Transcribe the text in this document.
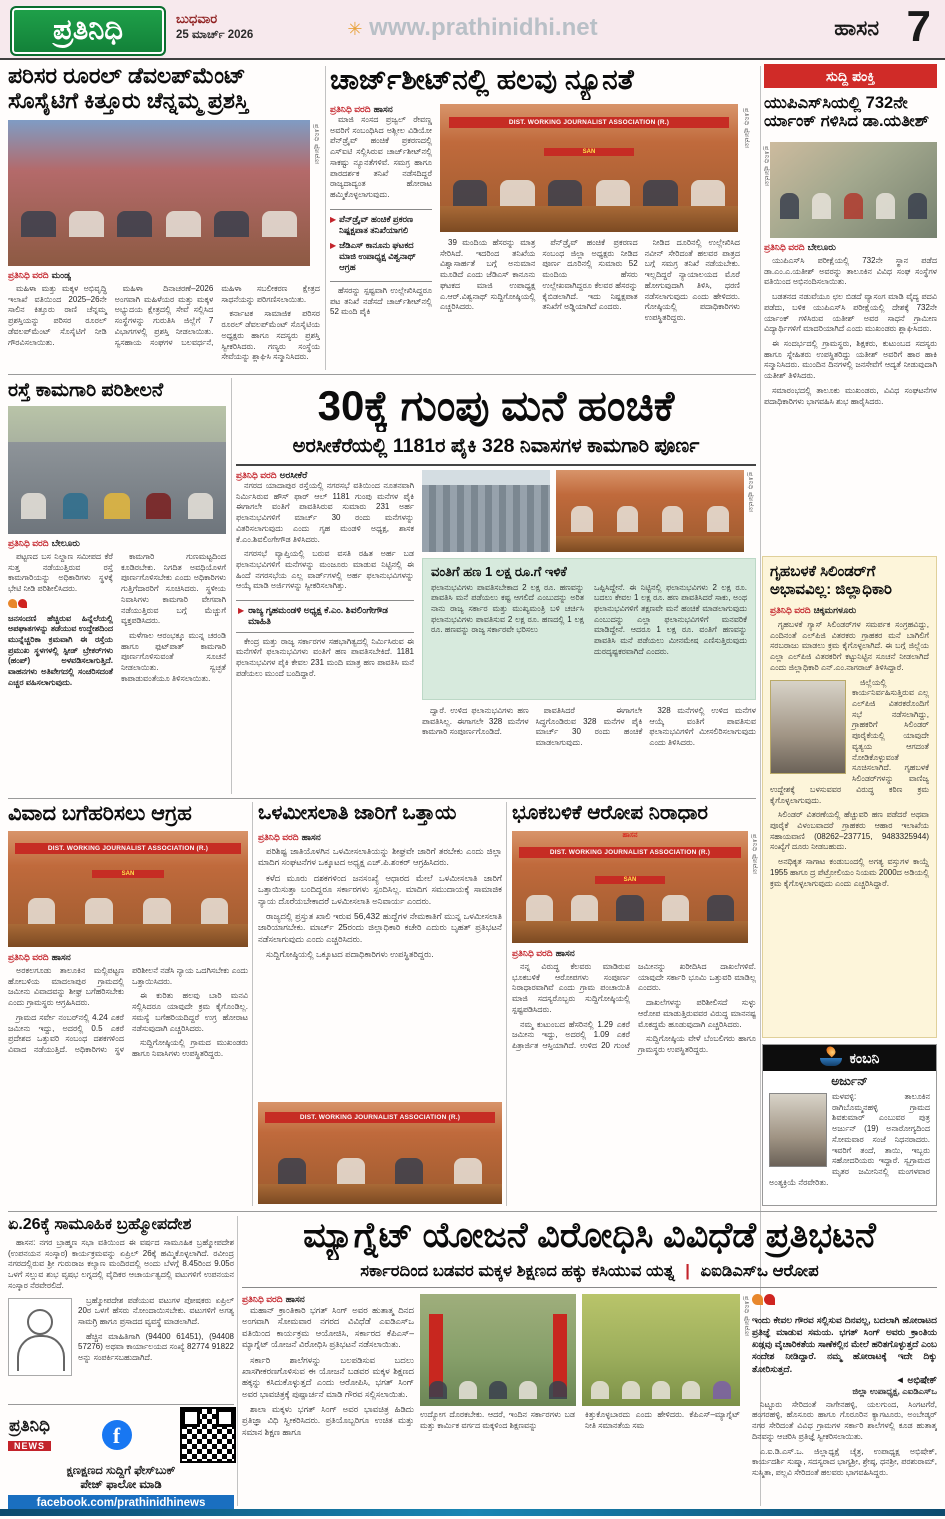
ಪ್ರತಿನಿಧಿ	ಬುಧವಾರ
25 ಮಾರ್ಚ್ 2026	✳ www.prathinidhi.net	ಹಾಸನ 7
ಪರಿಸರ ರೂರಲ್ ಡೆವಲಪ್‌ಮೆಂಟ್ ಸೊಸೈಟಿಗೆ ಕಿತ್ತೂರು ಚೆನ್ನಮ್ಮ ಪ್ರಶಸ್ತಿ
ಪ್ರತಿನಿಧಿ ಫೋಟೋ
ಪ್ರತಿನಿಧಿ ವರದಿ ಮಂಡ್ಯ

ಮಹಿಳಾ ಮತ್ತು ಮಕ್ಕಳ ಅಭಿವೃದ್ಧಿ ಇಲಾಖೆ ವತಿಯಿಂದ 2025–26ನೇ ಸಾಲಿನ ಕಿತ್ತೂರು ರಾಣಿ ಚೆನ್ನಮ್ಮ ಪ್ರಶಸ್ತಿಯನ್ನು ಪರಿಸರ ರೂರಲ್ ಡೆವಲಪ್‌ಮೆಂಟ್ ಸೊಸೈಟಿಗೆ ನೀಡಿ ಗೌರವಿಸಲಾಯಿತು.

ಮಹಿಳಾ ದಿನಾಚರಣೆ–2026 ಅಂಗವಾಗಿ ಮಹಿಳೆಯರ ಮತ್ತು ಮಕ್ಕಳ ಅಭ್ಯುದಯ ಕ್ಷೇತ್ರದಲ್ಲಿ ಸೇವೆ ಸಲ್ಲಿಸಿದ ಸಂಸ್ಥೆಗಳನ್ನು ಗುರುತಿಸಿ ಜಿಲ್ಲೆಗೆ 7 ವಿಭಾಗಗಳಲ್ಲಿ ಪ್ರಶಸ್ತಿ ನೀಡಲಾಯಿತು. ಸ್ವಸಹಾಯ ಸಂಘಗಳ ಬಲವರ್ಧನೆ, ಮಹಿಳಾ ಸಬಲೀಕರಣ ಕ್ಷೇತ್ರದ ಸಾಧನೆಯನ್ನು ಪರಿಗಣಿಸಲಾಯಿತು.

ಕರ್ನಾಟಕ ಸಾಮಾಜಿಕ ಪರಿಸರ ರೂರಲ್ ಡೆವಲಪ್‌ಮೆಂಟ್ ಸೊಸೈಟಿಯ ಅಧ್ಯಕ್ಷರು ಹಾಗೂ ಸದಸ್ಯರು ಪ್ರಶಸ್ತಿ ಸ್ವೀಕರಿಸಿದರು. ಗಣ್ಯರು ಸಂಸ್ಥೆಯ ಸೇವೆಯನ್ನು ಶ್ಲಾಘಿಸಿ ಸನ್ಮಾನಿಸಿದರು.

ಚಾರ್ಜ್‌ಶೀಟ್‌ನಲ್ಲಿ ಹಲವು ನ್ಯೂನತೆ
ಪ್ರತಿನಿಧಿ ವರದಿ ಹಾಸನ

ಮಾಜಿ ಸಂಸದ ಪ್ರಜ್ವಲ್ ರೇವಣ್ಣ ಅವರಿಗೆ ಸಂಬಂಧಿಸಿದ ಅಶ್ಲೀಲ ವಿಡಿಯೋ ಪೆನ್‌ಡ್ರೈವ್ ಹಂಚಿಕೆ ಪ್ರಕರಣದಲ್ಲಿ ಎಸ್‌ಐಟಿ ಸಲ್ಲಿಸಿರುವ ಚಾರ್ಜ್‌ಶೀಟ್‌ನಲ್ಲಿ ಸಾಕಷ್ಟು ನ್ಯೂನತೆಗಳಿವೆ. ಸಮಗ್ರ ಹಾಗೂ ಪಾರದರ್ಶಕ ತನಿಖೆ ನಡೆಸದಿದ್ದರೆ ರಾಜ್ಯದಾದ್ಯಂತ ಹೋರಾಟ ಹಮ್ಮಿಕೊಳ್ಳಲಾಗುವುದು.

▶ ಪೆನ್‌ಡ್ರೈವ್ ಹಂಚಿಕೆ ಪ್ರಕರಣ ನಿಷ್ಪಕ್ಷಪಾತ ತನಿಖೆಯಾಗಲಿ
▶ ಜೆಡಿಎಸ್ ಕಾನೂನು ಘಟಕದ ಮಾಜಿ ಉಪಾಧ್ಯಕ್ಷ ವಿಶ್ವನಾಥ್ ಆಗ್ರಹ

ಹೆಸರನ್ನು ಸ್ಪಷ್ಟವಾಗಿ ಉಲ್ಲೇಖಿಸಿದ್ದರೂ ಪಟ ತನಿಖೆ ನಡೆಸದೆ ಚಾರ್ಜ್‌ಶೀಟ್‌ನಲ್ಲಿ 52 ಮಂದಿ ಪೈಕಿ

DIST. WORKING JOURNALIST ASSOCIATION (R.)
SAN
ಪ್ರತಿನಿಧಿ ಫೋಟೋ

39 ಮಂದಿಯ ಹೆಸರನ್ನು ಮಾತ್ರ ಸೇರಿಸಿದೆ. ಇದರಿಂದ ತನಿಖೆಯ ವಿಶ್ವಾಸಾರ್ಹತೆ ಬಗ್ಗೆ ಅನುಮಾನ ಮೂಡಿದೆ ಎಂದು ಜೆಡಿಎಸ್ ಕಾನೂನು ಘಟಕದ ಮಾಜಿ ಉಪಾಧ್ಯಕ್ಷ ಎ.ಆರ್.ವಿಶ್ವನಾಥ್ ಸುದ್ದಿಗೋಷ್ಠಿಯಲ್ಲಿ ಎಚ್ಚರಿಸಿದರು.

ಪೆನ್‌ಡ್ರೈವ್ ಹಂಚಿಕೆ ಪ್ರಕರಣದ ಸಂಬಂಧ ಜಿಲ್ಲಾ ಅಧ್ಯಕ್ಷರು ನೀಡಿದ ಪೂರ್ಣ ದೂರಿನಲ್ಲಿ ಸುಮಾರು 52 ಮಂದಿಯ ಹೆಸರು ಉಲ್ಲೇಖವಾಗಿದ್ದರೂ ಕೆಲವರ ಹೆಸರನ್ನು ಕೈಬಿಡಲಾಗಿದೆ. ಇದು ನಿಷ್ಪಕ್ಷಪಾತ ತನಿಖೆಗೆ ಅಡ್ಡಿಯಾಗಿದೆ ಎಂದರು.

ನೀಡಿದ ದೂರಿನಲ್ಲಿ ಉಲ್ಲೇಖಿಸಿದ ನವೀನ್ ಸೇರಿದಂತೆ ಹಲವರ ಪಾತ್ರದ ಬಗ್ಗೆ ಸಮಗ್ರ ತನಿಖೆ ನಡೆಯಬೇಕು. ಇಲ್ಲದಿದ್ದರೆ ನ್ಯಾಯಾಲಯದ ಮೊರೆ ಹೋಗುವುದಾಗಿ ತಿಳಿಸಿ, ಧರಣಿ ನಡೆಸಲಾಗುವುದು ಎಂದು ಹೇಳಿದರು. ಗೋಷ್ಠಿಯಲ್ಲಿ ಪದಾಧಿಕಾರಿಗಳು ಉಪಸ್ಥಿತರಿದ್ದರು.

ಸುದ್ದಿ ಪಂಕ್ತಿ
ಯುಪಿಎಸ್‌ಸಿಯಲ್ಲಿ 732ನೇ ರ್ಯಾಂಕ್ ಗಳಿಸಿದ ಡಾ.ಯತೀಶ್
ಪ್ರತಿನಿಧಿ ಫೋಟೋ
ಪ್ರತಿನಿಧಿ ವರದಿ ಬೇಲೂರು

ಯುಪಿಎಸ್‌ಸಿ ಪರೀಕ್ಷೆಯಲ್ಲಿ 732ನೇ ಸ್ಥಾನ ಪಡೆದ ಡಾ.ಎಂ.ಎ.ಯತೀಶ್ ಅವರನ್ನು ತಾಲೂಕಿನ ವಿವಿಧ ಸಂಘ ಸಂಸ್ಥೆಗಳ ವತಿಯಿಂದ ಅಭಿನಂದಿಸಲಾಯಿತು.

ಬಡತನದ ನಡುವೆಯೂ ಛಲ ಬಿಡದೆ ವ್ಯಾಸಂಗ ಮಾಡಿ ವೈದ್ಯ ಪದವಿ ಪಡೆದು, ಬಳಿಕ ಯುಪಿಎಸ್‌ಸಿ ಪರೀಕ್ಷೆಯಲ್ಲಿ ದೇಶಕ್ಕೆ 732ನೇ ರ್ಯಾಂಕ್ ಗಳಿಸಿರುವ ಯತೀಶ್ ಅವರ ಸಾಧನೆ ಗ್ರಾಮೀಣ ವಿದ್ಯಾರ್ಥಿಗಳಿಗೆ ಮಾದರಿಯಾಗಿದೆ ಎಂದು ಮುಖಂಡರು ಶ್ಲಾಘಿಸಿದರು.

ಈ ಸಂದರ್ಭದಲ್ಲಿ ಗ್ರಾಮಸ್ಥರು, ಶಿಕ್ಷಕರು, ಕುಟುಂಬದ ಸದಸ್ಯರು ಹಾಗೂ ಸ್ನೇಹಿತರು ಉಪಸ್ಥಿತರಿದ್ದು ಯತೀಶ್ ಅವರಿಗೆ ಹಾರ ಹಾಕಿ ಸನ್ಮಾನಿಸಿದರು. ಮುಂದಿನ ದಿನಗಳಲ್ಲಿ ಜನಸೇವೆಗೆ ಆದ್ಯತೆ ನೀಡುವುದಾಗಿ ಯತೀಶ್ ತಿಳಿಸಿದರು.

ಸಮಾರಂಭದಲ್ಲಿ ತಾಲೂಕು ಮುಖಂಡರು, ವಿವಿಧ ಸಂಘಟನೆಗಳ ಪದಾಧಿಕಾರಿಗಳು ಭಾಗವಹಿಸಿ ಶುಭ ಹಾರೈಸಿದರು.

ಗೃಹಬಳಕೆ ಸಿಲಿಂಡರ್‌ಗೆ ಅಭಾವವಿಲ್ಲ: ಜಿಲ್ಲಾಧಿಕಾರಿ
ಪ್ರತಿನಿಧಿ ವರದಿ ಚಿಕ್ಕಮಗಳೂರು

ಗೃಹಬಳಕೆ ಗ್ಯಾಸ್ ಸಿಲಿಂಡರ್‌ಗಳ ಸಮರ್ಪಕ ಸಂಗ್ರಹವಿದ್ದು, ಎಂದಿನಂತೆ ಎಲ್‌ಪಿಜಿ ವಿತರಕರು ಗ್ರಾಹಕರ ಮನೆ ಬಾಗಿಲಿಗೆ ಸರಬರಾಜು ಮಾಡಲು ಕ್ರಮ ಕೈಗೊಳ್ಳಲಾಗಿದೆ. ಈ ಬಗ್ಗೆ ಜಿಲ್ಲೆಯ ಎಲ್ಲಾ ಎಲ್‌ಪಿಜಿ ವಿತರಕರಿಗೆ ಕಟ್ಟುನಿಟ್ಟಿನ ಸೂಚನೆ ನೀಡಲಾಗಿದೆ ಎಂದು ಜಿಲ್ಲಾಧಿಕಾರಿ ಎನ್.ಎಂ.ನಾಗರಾಜ್ ತಿಳಿಸಿದ್ದಾರೆ.

ಜಿಲ್ಲೆಯಲ್ಲಿ ಕಾರ್ಯನಿರ್ವಹಿಸುತ್ತಿರುವ ಎಲ್ಲ ಎಲ್‌ಪಿಜಿ ವಿತರಕರೊಂದಿಗೆ ಸಭೆ ನಡೆಸಲಾಗಿದ್ದು, ಗ್ರಾಹಕರಿಗೆ ಸಿಲಿಂಡರ್ ಪೂರೈಕೆಯಲ್ಲಿ ಯಾವುದೇ ವ್ಯತ್ಯಯ ಆಗದಂತೆ ನೋಡಿಕೊಳ್ಳುವಂತೆ ಸೂಚಿಸಲಾಗಿದೆ. ಗೃಹಬಳಕೆ ಸಿಲಿಂಡರ್‌ಗಳನ್ನು ವಾಣಿಜ್ಯ ಉದ್ದೇಶಕ್ಕೆ ಬಳಸುವವರ ವಿರುದ್ಧ ಕಠಿಣ ಕ್ರಮ ಕೈಗೊಳ್ಳಲಾಗುವುದು.

ಸಿಲಿಂಡರ್ ವಿತರಣೆಯಲ್ಲಿ ಹೆಚ್ಚುವರಿ ಹಣ ಪಡೆದರೆ ಅಥವಾ ಪೂರೈಕೆ ವಿಳಂಬವಾದರೆ ಗ್ರಾಹಕರು ಆಹಾರ ಇಲಾಖೆಯ ಸಹಾಯವಾಣಿ (08262–237715, 9483325944) ಸಂಖ್ಯೆಗೆ ದೂರು ನೀಡಬಹುದು.

ಅನಧಿಕೃತ ಸಾಗಾಟ ಕಂಡುಬಂದಲ್ಲಿ ಅಗತ್ಯ ವಸ್ತುಗಳ ಕಾಯ್ದೆ 1955 ಹಾಗೂ ದ್ರ ಪೆಟ್ರೋಲಿಯಂ ನಿಯಮ 2000ದ ಅಡಿಯಲ್ಲಿ ಕ್ರಮ ಕೈಗೊಳ್ಳಲಾಗುವುದು ಎಂದು ಎಚ್ಚರಿಸಿದ್ದಾರೆ.

ಕಂಬನಿ
ಅರ್ಜುನ್

ಮಳವಳ್ಳಿ: ತಾಲೂಕಿನ ರಾಗಿಬೊಮ್ಮನಹಳ್ಳಿ ಗ್ರಾಮದ ಶಿವಕುಮಾರ್ ಎಂಬುವರ ಪುತ್ರ ಅರ್ಜುನ್ (19) ಅನಾರೋಗ್ಯದಿಂದ ಸೋಮವಾರ ಸಂಜೆ ನಿಧನರಾದರು. ಇವರಿಗೆ ತಂದೆ, ತಾಯಿ, ಇಬ್ಬರು ಸಹೋದರಿಯರು ಇದ್ದಾರೆ. ಸ್ವಗ್ರಾಮದ ಮೃತರ ಜಮೀನಿನಲ್ಲಿ ಮಂಗಳವಾರ ಅಂತ್ಯಕ್ರಿಯೆ ನೆರವೇರಿತು.

ರಸ್ತೆ ಕಾಮಗಾರಿ ಪರಿಶೀಲನೆ
ಪ್ರತಿನಿಧಿ ವರದಿ ಬೇಲೂರು

ಪಟ್ಟಣದ ಬಸ ನಿಲ್ದಾಣ ಸಮೀಪದ ಕೆರೆ ಸುತ್ತ ನಡೆಯುತ್ತಿರುವ ರಸ್ತೆ ಕಾಮಗಾರಿಯನ್ನು ಅಧಿಕಾರಿಗಳು ಸ್ಥಳಕ್ಕೆ ಭೇಟಿ ನೀಡಿ ಪರಿಶೀಲಿಸಿದರು.

ಜನಸಂದಣಿ ಹೆಚ್ಚಿರುವ ಹಿನ್ನೆಲೆಯಲ್ಲಿ ಅಪಘಾತಗಳನ್ನು ತಡೆಯುವ ಉದ್ದೇಶದಿಂದ ಮುನ್ನೆಚ್ಚರಿಕಾ ಕ್ರಮವಾಗಿ ಈ ರಸ್ತೆಯ ಪ್ರಮುಖ ಸ್ಥಳಗಳಲ್ಲಿ ಸ್ಪೀಡ್ ಬ್ರೇಕರ್‌ಗಳು (ಹಂಪ್) ಅಳವಡಿಸಲಾಗುತ್ತಿದೆ. ವಾಹನಗಳು ಅತಿವೇಗದಲ್ಲಿ ಸಂಚರಿಸದಂತೆ ಎಚ್ಚರ ವಹಿಸಲಾಗುವುದು.

ಕಾಮಗಾರಿ ಗುಣಮಟ್ಟದಿಂದ ಕೂಡಿರಬೇಕು. ನಿಗದಿತ ಅವಧಿಯೊಳಗೆ ಪೂರ್ಣಗೊಳಿಸಬೇಕು ಎಂದು ಅಧಿಕಾರಿಗಳು ಗುತ್ತಿಗೆದಾರರಿಗೆ ಸೂಚಿಸಿದರು. ಸ್ಥಳೀಯ ನಿವಾಸಿಗಳು ಕಾಮಗಾರಿ ವೇಗವಾಗಿ ನಡೆಯುತ್ತಿರುವ ಬಗ್ಗೆ ಮೆಚ್ಚುಗೆ ವ್ಯಕ್ತಪಡಿಸಿದರು.

ಮಳೆಗಾಲ ಆರಂಭಕ್ಕೂ ಮುನ್ನ ಚರಂಡಿ ಹಾಗೂ ಫುಟ್‌ಪಾತ್ ಕಾಮಗಾರಿ ಪೂರ್ಣಗೊಳಿಸುವಂತೆ ಸೂಚನೆ ನೀಡಲಾಯಿತು. ಸ್ವಚ್ಛತೆ ಕಾಪಾಡುವಂತೆಯೂ ತಿಳಿಸಲಾಯಿತು.

30ಕ್ಕೆ ಗುಂಪು ಮನೆ ಹಂಚಿಕೆ
ಅರಸೀಕೆರೆಯಲ್ಲಿ 1181ರ ಪೈಕಿ 328 ನಿವಾಸಗಳ ಕಾಮಗಾರಿ ಪೂರ್ಣ
ಪ್ರತಿನಿಧಿ ವರದಿ ಅರಸೀಕೆರೆ

ನಗರದ ಯಾದಾಪುರ ರಸ್ತೆಯಲ್ಲಿ ನಗರಸಭೆ ವತಿಯಿಂದ ನೂತನವಾಗಿ ನಿರ್ಮಿಸಿರುವ ಹೌಸ್ ಫಾರ್ ಆಲ್ 1181 ಗುಂಪು ಮನೆಗಳ ಪೈಕಿ ಈಗಾಗಲೇ ವಂತಿಗೆ ಪಾವತಿಸಿರುವ ಸುಮಾರು 231 ಅರ್ಹ ಫಲಾನುಭವಿಗಳಿಗೆ ಮಾರ್ಚ್ 30 ರಂದು ಮನೆಗಳನ್ನು ವಿತರಿಸಲಾಗುವುದು ಎಂದು ಗೃಹ ಮಂಡಳಿ ಅಧ್ಯಕ್ಷ, ಶಾಸಕ ಕೆ.ಎಂ.ಶಿವಲಿಂಗೇಗೌಡ ತಿಳಿಸಿದರು.

ನಗರಸಭೆ ವ್ಯಾಪ್ತಿಯಲ್ಲಿ ಬರುವ ವಸತಿ ರಹಿತ ಅರ್ಹ ಬಡ ಫಲಾನುಭವಿಗಳಿಗೆ ಮನೆಗಳನ್ನು ಮಂಜೂರು ಮಾಡುವ ನಿಟ್ಟಿನಲ್ಲಿ ಈ ಹಿಂದೆ ನಗರಸಭೆಯ ಎಲ್ಲ ವಾರ್ಡ್‌ಗಳಲ್ಲಿ ಅರ್ಹ ಫಲಾನುಭವಿಗಳನ್ನು ಆಯ್ಕೆ ಮಾಡಿ ಅರ್ಜಿಗಳನ್ನು ಸ್ವೀಕರಿಸಲಾಗಿತ್ತು.

▶ ರಾಜ್ಯ ಗೃಹಮಂಡಳಿ ಅಧ್ಯಕ್ಷ ಕೆ.ಎಂ. ಶಿವಲಿಂಗೇಗೌಡ ಮಾಹಿತಿ

ಕೇಂದ್ರ ಮತ್ತು ರಾಜ್ಯ ಸರ್ಕಾರಗಳ ಸಹಭಾಗಿತ್ವದಲ್ಲಿ ನಿರ್ಮಿಸಿರುವ ಈ ಮನೆಗಳಿಗೆ ಫಲಾನುಭವಿಗಳು ವಂತಿಗೆ ಹಣ ಪಾವತಿಸಬೇಕಿದೆ. 1181 ಫಲಾನುಭವಿಗಳ ಪೈಕಿ ಕೇವಲ 231 ಮಂದಿ ಮಾತ್ರ ಹಣ ಪಾವತಿಸಿ ಮನೆ ಪಡೆಯಲು ಮುಂದೆ ಬಂದಿದ್ದಾರೆ.

ಪ್ರತಿನಿಧಿ ಫೋಟೋ
ವಂತಿಗೆ ಹಣ 1 ಲಕ್ಷ ರೂ.ಗೆ ಇಳಿಕೆ
ಫಲಾನುಭವಿಗಳು ಪಾವತಿಸಬೇಕಾದ 2 ಲಕ್ಷ ರೂ. ಹಣವನ್ನು ಪಾವತಿಸಿ ಮನೆ ಪಡೆಯಲು ಕಷ್ಟ ಆಗಲಿದೆ ಎಂಬುದನ್ನು ಅರಿತ ನಾನು ರಾಜ್ಯ ಸರ್ಕಾರ ಮತ್ತು ಮುಖ್ಯಮಂತ್ರಿ ಬಳಿ ಚರ್ಚಿಸಿ ಫಲಾನುಭವಿಗಳು ಪಾವತಿಸುವ 2 ಲಕ್ಷ ರೂ. ಹಣದಲ್ಲಿ 1 ಲಕ್ಷ ರೂ. ಹಣವನ್ನು ರಾಜ್ಯ ಸರ್ಕಾರವೇ ಭರಿಸಲು
ಒಪ್ಪಿಸಿದ್ದೇನೆ. ಈ ನಿಟ್ಟಿನಲ್ಲಿ ಫಲಾನುಭವಿಗಳು 2 ಲಕ್ಷ ರೂ. ಬದಲು ಕೇವಲ 1 ಲಕ್ಷ ರೂ. ಹಣ ಪಾವತಿಸಿದರೆ ಸಾಕು, ಅಂಥ ಫಲಾನುಭವಿಗಳಿಗೆ ತಕ್ಷಣವೇ ಮನೆ ಹಂಚಿಕೆ ಮಾಡಲಾಗುವುದು ಎಂಬುದನ್ನು ಎಲ್ಲಾ ಫಲಾನುಭವಿಗಳಿಗೆ ಮನವರಿಕೆ ಮಾಡಿದ್ದೇನೆ. ಆದರೂ 1 ಲಕ್ಷ ರೂ. ವಂತಿಗೆ ಹಣವನ್ನು ಪಾವತಿಸಿ ಮನೆ ಪಡೆಯಲು ಮೀನಮೇಷ ಎಣಿಸುತ್ತಿರುವುದು ದುರದೃಷ್ಟಕರವಾಗಿದೆ ಎಂದರು.

ದ್ವಾರೆ. ಉಳಿದ ಫಲಾನುಭವಿಗಳು ಹಣ ಪಾವತಿಸಿಲ್ಲ. ಈಗಾಗಲೇ 328 ಮನೆಗಳ ಕಾಮಗಾರಿ ಸಂಪೂರ್ಣಗೊಂಡಿದೆ.

ಪಾವತಿಸಿದರೆ ಈಗಾಗಲೇ ಸಿದ್ಧಗೊಂಡಿರುವ 328 ಮನೆಗಳ ಪೈಕಿ ಮಾರ್ಚ್ 30 ರಂದು ಹಂಚಿಕೆ ಮಾಡಲಾಗುವುದು.

328 ಮನೆಗಳಲ್ಲಿ ಉಳಿದ ಮನೆಗಳ ಆಯ್ಕೆ ವಂತಿಗೆ ಪಾವತಿಸುವ ಫಲಾನುಭವಿಗಳಿಗೆ ಮೀಸಲಿರಿಸಲಾಗುವುದು ಎಂದು ತಿಳಿಸಿದರು.

ವಿವಾದ ಬಗೆಹರಿಸಲು ಆಗ್ರಹ
DIST. WORKING JOURNALIST ASSOCIATION (R.)
SAN
ಪ್ರತಿನಿಧಿ ವರದಿ ಹಾಸನ

ಅರಕಲಗೂಡು ತಾಲೂಕಿನ ಮಲ್ಲಿಪಟ್ಟಣ ಹೋಬಳಿಯ ಮಾದಲಾಪುರ ಗ್ರಾಮದಲ್ಲಿ ಜಮೀನು ವಿವಾದವನ್ನು ಶೀಘ್ರ ಬಗೆಹರಿಸಬೇಕು ಎಂದು ಗ್ರಾಮಸ್ಥರು ಆಗ್ರಹಿಸಿದರು.

ಗ್ರಾಮದ ಸರ್ವೇ ನಂಬರ್‌ನಲ್ಲಿ 4.24 ಎಕರೆ ಜಮೀನು ಇದ್ದು, ಅದರಲ್ಲಿ 0.5 ಎಕರೆ ಪ್ರದೇಶದ ಒತ್ತುವರಿ ಸಂಬಂಧ ದಶಕಗಳಿಂದ ವಿವಾದ ನಡೆಯುತ್ತಿದೆ. ಅಧಿಕಾರಿಗಳು ಸ್ಥಳ ಪರಿಶೀಲನೆ ನಡೆಸಿ ನ್ಯಾಯ ಒದಗಿಸಬೇಕು ಎಂದು ಒತ್ತಾಯಿಸಿದರು.

ಈ ಕುರಿತು ಹಲವು ಬಾರಿ ಮನವಿ ಸಲ್ಲಿಸಿದರೂ ಯಾವುದೇ ಕ್ರಮ ಕೈಗೊಂಡಿಲ್ಲ. ಸಮಸ್ಯೆ ಬಗೆಹರಿಯದಿದ್ದರೆ ಉಗ್ರ ಹೋರಾಟ ನಡೆಸುವುದಾಗಿ ಎಚ್ಚರಿಸಿದರು.

ಸುದ್ದಿಗೋಷ್ಠಿಯಲ್ಲಿ ಗ್ರಾಮದ ಮುಖಂಡರು ಹಾಗೂ ನಿವಾಸಿಗಳು ಉಪಸ್ಥಿತರಿದ್ದರು.

ಒಳಮೀಸಲಾತಿ ಜಾರಿಗೆ ಒತ್ತಾಯ
ಪ್ರತಿನಿಧಿ ವರದಿ ಹಾಸನ

ಪರಿಶಿಷ್ಟ ಜಾತಿಯೊಳಗಿನ ಒಳಮೀಸಲಾತಿಯನ್ನು ಶೀಘ್ರವೇ ಜಾರಿಗೆ ತರಬೇಕು ಎಂದು ಜಿಲ್ಲಾ ಮಾದಿಗ ಸಂಘಟನೆಗಳ ಒಕ್ಕೂಟದ ಅಧ್ಯಕ್ಷ ಎಚ್.ಪಿ.ಶಂಕರ್ ಆಗ್ರಹಿಸಿದರು.

ಕಳೆದ ಮೂರು ದಶಕಗಳಿಂದ ಜನಸಂಖ್ಯೆ ಆಧಾರದ ಮೇಲೆ ಒಳಮೀಸಲಾತಿ ಜಾರಿಗೆ ಒತ್ತಾಯಿಸುತ್ತಾ ಬಂದಿದ್ದರೂ ಸರ್ಕಾರಗಳು ಸ್ಪಂದಿಸಿಲ್ಲ. ಮಾದಿಗ ಸಮುದಾಯಕ್ಕೆ ಸಾಮಾಜಿಕ ನ್ಯಾಯ ದೊರೆಯಬೇಕಾದರೆ ಒಳಮೀಸಲಾತಿ ಅನಿವಾರ್ಯ ಎಂದರು.

ರಾಜ್ಯದಲ್ಲಿ ಪ್ರಸ್ತುತ ಖಾಲಿ ಇರುವ 56,432 ಹುದ್ದೆಗಳ ನೇಮಕಾತಿಗೆ ಮುನ್ನ ಒಳಮೀಸಲಾತಿ ಜಾರಿಯಾಗಬೇಕು. ಮಾರ್ಚ್ 25ರಂದು ಜಿಲ್ಲಾಧಿಕಾರಿ ಕಚೇರಿ ಎದುರು ಬೃಹತ್ ಪ್ರತಿಭಟನೆ ನಡೆಸಲಾಗುವುದು ಎಂದು ಎಚ್ಚರಿಸಿದರು.

ಸುದ್ದಿಗೋಷ್ಠಿಯಲ್ಲಿ ಒಕ್ಕೂಟದ ಪದಾಧಿಕಾರಿಗಳು ಉಪಸ್ಥಿತರಿದ್ದರು.

DIST. WORKING JOURNALIST ASSOCIATION (R.)
ಭೂಕಬಳಿಕೆ ಆರೋಪ ನಿರಾಧಾರ
ಹಾಸನ
DIST. WORKING JOURNALIST ASSOCIATION (R.)
SAN
ಪ್ರತಿನಿಧಿ ಫೋಟೋ
ಪ್ರತಿನಿಧಿ ವರದಿ ಹಾಸನ

ನನ್ನ ವಿರುದ್ಧ ಕೆಲವರು ಮಾಡಿರುವ ಭೂಕಬಳಿಕೆ ಆರೋಪಗಳು ಸಂಪೂರ್ಣ ನಿರಾಧಾರವಾಗಿವೆ ಎಂದು ಗ್ರಾಮ ಪಂಚಾಯಿತಿ ಮಾಜಿ ಸದಸ್ಯರೊಬ್ಬರು ಸುದ್ದಿಗೋಷ್ಠಿಯಲ್ಲಿ ಸ್ಪಷ್ಟಪಡಿಸಿದರು.

ನಮ್ಮ ಕುಟುಂಬದ ಹೆಸರಿನಲ್ಲಿ 1.29 ಎಕರೆ ಜಮೀನು ಇದ್ದು, ಅದರಲ್ಲಿ 1.09 ಎಕರೆ ಪಿತ್ರಾರ್ಜಿತ ಆಸ್ತಿಯಾಗಿದೆ. ಉಳಿದ 20 ಗುಂಟೆ ಜಮೀನನ್ನು ಖರೀದಿಸಿದ ದಾಖಲೆಗಳಿವೆ. ಯಾವುದೇ ಸರ್ಕಾರಿ ಭೂಮಿ ಒತ್ತುವರಿ ಮಾಡಿಲ್ಲ ಎಂದರು.

ದಾಖಲೆಗಳನ್ನು ಪರಿಶೀಲಿಸದೆ ಸುಳ್ಳು ಆರೋಪ ಮಾಡುತ್ತಿರುವವರ ವಿರುದ್ಧ ಮಾನನಷ್ಟ ಮೊಕದ್ದಮೆ ಹೂಡುವುದಾಗಿ ಎಚ್ಚರಿಸಿದರು.

ಸುದ್ದಿಗೋಷ್ಠಿಯ ವೇಳೆ ಬೆಂಬಲಿಗರು ಹಾಗೂ ಗ್ರಾಮಸ್ಥರು ಉಪಸ್ಥಿತರಿದ್ದರು.

ಏ.26ಕ್ಕೆ ಸಾಮೂಹಿಕ ಬ್ರಹ್ಮೋಪದೇಶ

ಹಾಸನ: ನಗರ ಬ್ರಾಹ್ಮಣ ಸಭಾ ವತಿಯಿಂದ ಈ ವರ್ಷದ ಸಾಮೂಹಿಕ ಬ್ರಹ್ಮೋಪದೇಶ (ಉಪನಯನ ಸಂಸ್ಕಾರ) ಕಾರ್ಯಕ್ರಮವನ್ನು ಏಪ್ರಿಲ್ 26ಕ್ಕೆ ಹಮ್ಮಿಕೊಳ್ಳಲಾಗಿದೆ. ರವೀಂದ್ರ ನಗರದಲ್ಲಿರುವ ಶ್ರೀ ಗುರುರಾಜ ಕಲ್ಯಾಣ ಮಂದಿರದಲ್ಲಿ ಅಂದು ಬೆಳಗ್ಗೆ 8.45ರಿಂದ 9.05ರ ಒಳಗೆ ಸಲ್ಲುವ ಶುಭ ವೃಷಭ ಲಗ್ನದಲ್ಲಿ ವೈದಿಕರ ಆಚಾರ್ಯತ್ವದಲ್ಲಿ ವಟುಗಳಿಗೆ ಉಪನಯನ ಸಂಸ್ಕಾರ ನೆರವೇರಲಿದೆ.

ಬ್ರಹ್ಮೋಪದೇಶ ಪಡೆಯುವ ವಟುಗಳ ಪೋಷಕರು ಏಪ್ರಿಲ್ 20ರ ಒಳಗೆ ಹೆಸರು ನೋಂದಾಯಿಸಬೇಕು. ವಟುಗಳಿಗೆ ಅಗತ್ಯ ಸಾಮಗ್ರಿ ಹಾಗೂ ಪ್ರಸಾದದ ವ್ಯವಸ್ಥೆ ಮಾಡಲಾಗಿದೆ.

ಹೆಚ್ಚಿನ ಮಾಹಿತಿಗಾಗಿ (94400 61451), (94408 57276) ಅಥವಾ ಕಾರ್ಯಾಲಯದ ಸಂಖ್ಯೆ 82774 91822 ಅನ್ನು ಸಂಪರ್ಕಿಸಬಹುದಾಗಿದೆ.

ಪ್ರತಿನಿಧಿ
NEWS	f
ಕ್ಷಣಕ್ಷಣದ ಸುದ್ದಿಗೆ ಫೇಸ್‌ಬುಕ್
ಪೇಜ್ ಫಾಲೋ ಮಾಡಿ
facebook.com/prathinidhinews
ಮ್ಯಾಗ್ನೆಟ್ ಯೋಜನೆ ವಿರೋಧಿಸಿ ವಿವಿಧೆಡೆ ಪ್ರತಿಭಟನೆ
ಸರ್ಕಾರದಿಂದ ಬಡವರ ಮಕ್ಕಳ ಶಿಕ್ಷಣದ ಹಕ್ಕು ಕಸಿಯುವ ಯತ್ನ | ಏಐಡಿಎಸ್‌ಒ ಆರೋಪ
ಪ್ರತಿನಿಧಿ ವರದಿ ಹಾಸನ

ಮಹಾನ್ ಕ್ರಾಂತಿಕಾರಿ ಭಗತ್ ಸಿಂಗ್ ಅವರ ಹುತಾತ್ಮ ದಿನದ ಅಂಗವಾಗಿ ಸೋಮವಾರ ನಗರದ ವಿವಿಧೆಡೆ ಎಐಡಿಎಸ್‌ಒ ವತಿಯಿಂದ ಕಾರ್ಯಕ್ರಮ ಆಯೋಜಿಸಿ, ಸರ್ಕಾರದ ಕೆಪಿಎಸ್–ಮ್ಯಾಗ್ನೆಟ್ ಯೋಜನೆ ವಿರೋಧಿಸಿ ಪ್ರತಿಭಟನೆ ನಡೆಸಲಾಯಿತು.

ಸರ್ಕಾರಿ ಶಾಲೆಗಳನ್ನು ಬಲಪಡಿಸುವ ಬದಲು ಖಾಸಗೀಕರಣಗೊಳಿಸುವ ಈ ಯೋಜನೆ ಬಡವರ ಮಕ್ಕಳ ಶಿಕ್ಷಣದ ಹಕ್ಕನ್ನು ಕಸಿದುಕೊಳ್ಳುತ್ತದೆ ಎಂದು ಆರೋಪಿಸಿ, ಭಗತ್ ಸಿಂಗ್ ಅವರ ಭಾವಚಿತ್ರಕ್ಕೆ ಪುಷ್ಪಾರ್ಚನೆ ಮಾಡಿ ಗೌರವ ಸಲ್ಲಿಸಲಾಯಿತು.

ಶಾಲಾ ಮಕ್ಕಳು ಭಗತ್ ಸಿಂಗ್ ಅವರ ಭಾವಚಿತ್ರ ಹಿಡಿದು ಪ್ರತಿಜ್ಞಾ ವಿಧಿ ಸ್ವೀಕರಿಸಿದರು. ಪ್ರತಿಯೊಬ್ಬರಿಗೂ ಉಚಿತ ಮತ್ತು ಸಮಾನ ಶಿಕ್ಷಣ ಹಾಗೂ

ಪ್ರತಿನಿಧಿ ಫೋಟೋ

ಉದ್ಯೋಗ ದೊರಕಬೇಕು. ಆದರೆ, ಇಂದಿನ ಸರ್ಕಾರಗಳು ಬಡ ಮತ್ತು ಕಾರ್ಮಿಕ ವರ್ಗದ ಮಕ್ಕಳಿಂದ ಶಿಕ್ಷಣವನ್ನು

ಕಿತ್ತುಕೊಳ್ಳಬಾರದು ಎಂದು ಹೇಳಿದರು. ಕೆಪಿಎಸ್–ಮ್ಯಾಗ್ನೆಟ್ ನೀತಿ ಸಮಾನತೆಯ ಸಮ

ಇಂದು ಕೇವಲ ಗೌರವ ಸಲ್ಲಿಸುವ ದಿನವಲ್ಲ, ಬದಲಾಗಿ ಹೋರಾಟದ ಪ್ರತಿಜ್ಞೆ ಮಾಡುವ ಸಮಯ. ಭಗತ್ ಸಿಂಗ್ ಅವರು ಕ್ರಾಂತಿಯ ಖಡ್ಗವು ವೈಚಾರಿಕತೆಯ ಸಾಣೆಕಲ್ಲಿನ ಮೇಲೆ ಹರಿತಗೊಳ್ಳುತ್ತದೆ ಎಂಬ ಸಂದೇಶ ನೀಡಿದ್ದಾರೆ. ನಮ್ಮ ಹೋರಾಟಕ್ಕೆ ಇದೇ ದಿಕ್ಕು ತೋರಿಸುತ್ತದೆ.
◄ ಅಭಿಷೇಕ್
ಜಿಲ್ಲಾ ಉಪಾಧ್ಯಕ್ಷ, ಎಐಡಿಎಸ್‌ಒ

ನಿಟ್ಟೂರು ಸೇರಿದಂತೆ ನಾಗೇನಹಳ್ಳಿ, ಯಲಗುಂದ, ಸಿಂಗಟಗೆರೆ, ಹಂಗರಹಳ್ಳಿ, ಹೊಸೂರು ಹಾಗೂ ಗೊರೂರಿನ ಕ್ಯಾಗಟೂರು, ಅಂಬೇಡ್ಕರ್ ನಗರ ಸೇರಿದಂತೆ ವಿವಿಧ ಗ್ರಾಮಗಳ ಸರ್ಕಾರಿ ಶಾಲೆಗಳಲ್ಲಿ ಕೂಡ ಹುತಾತ್ಮ ದಿನವನ್ನು ಆಚರಿಸಿ ಪ್ರತಿಜ್ಞೆ ಸ್ವೀಕರಿಸಲಾಯಿತು.

ಎ.ಐ.ಡಿ.ಎಸ್.ಒ. ಜಿಲ್ಲಾಧ್ಯಕ್ಷೆ ಚೈತ್ರ, ಉಪಾಧ್ಯಕ್ಷ ಅಭಿಷೇಕ್, ಕಾರ್ಯದರ್ಶಿ ಸುಷ್ಮಾ, ಸದಸ್ಯರಾದ ಭಾಗ್ಯಶ್ರೀ, ಶ್ರೇಷ್ಠ, ಧನಶ್ರೀ, ಪರಶುರಾಮ್, ಸುಸ್ಮಿತಾ, ಪಲ್ಲವಿ ಸೇರಿದಂತೆ ಹಲವರು ಭಾಗವಹಿಸಿದ್ದರು.
